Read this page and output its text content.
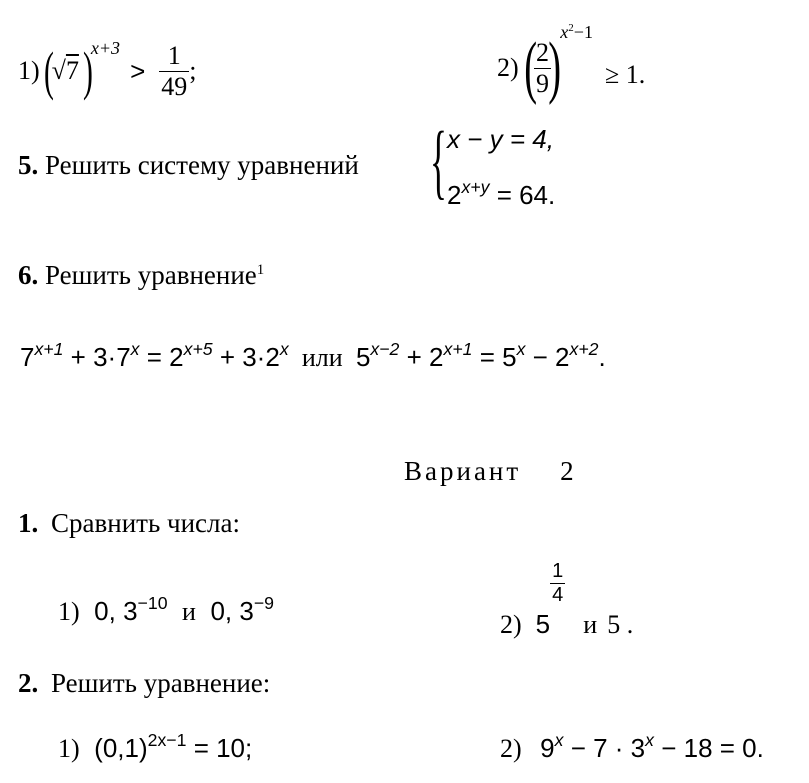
1) (
√7 )
x+3
> $\frac{1}{49}$ ;	2) (
$\frac{2}{9}$
) $x^2-1$
≥ 1.
5. Решить систему уравнений { x − y = 4,
$2^{x+y} = 64$.
6. Решить уравнение$^1$
$7^{x+1} + 3\cdot 7^x = 2^{x+5} + 3\cdot 2^x$ или $5^{x-2} + 2^{x+1} = 5^x - 2^{x+2}$.
Вариант    2
1. Сравнить числа:
1) 0, $3^{-10}$ и 0, $3^{-9}$
2) 5
$\frac{1}{4}$
и 5 .
2. Решить уравнение:
1) $(0,1)^{2x-1} = 10$;	2) $9^x - 7 \cdot 3^x - 18 = 0$.
